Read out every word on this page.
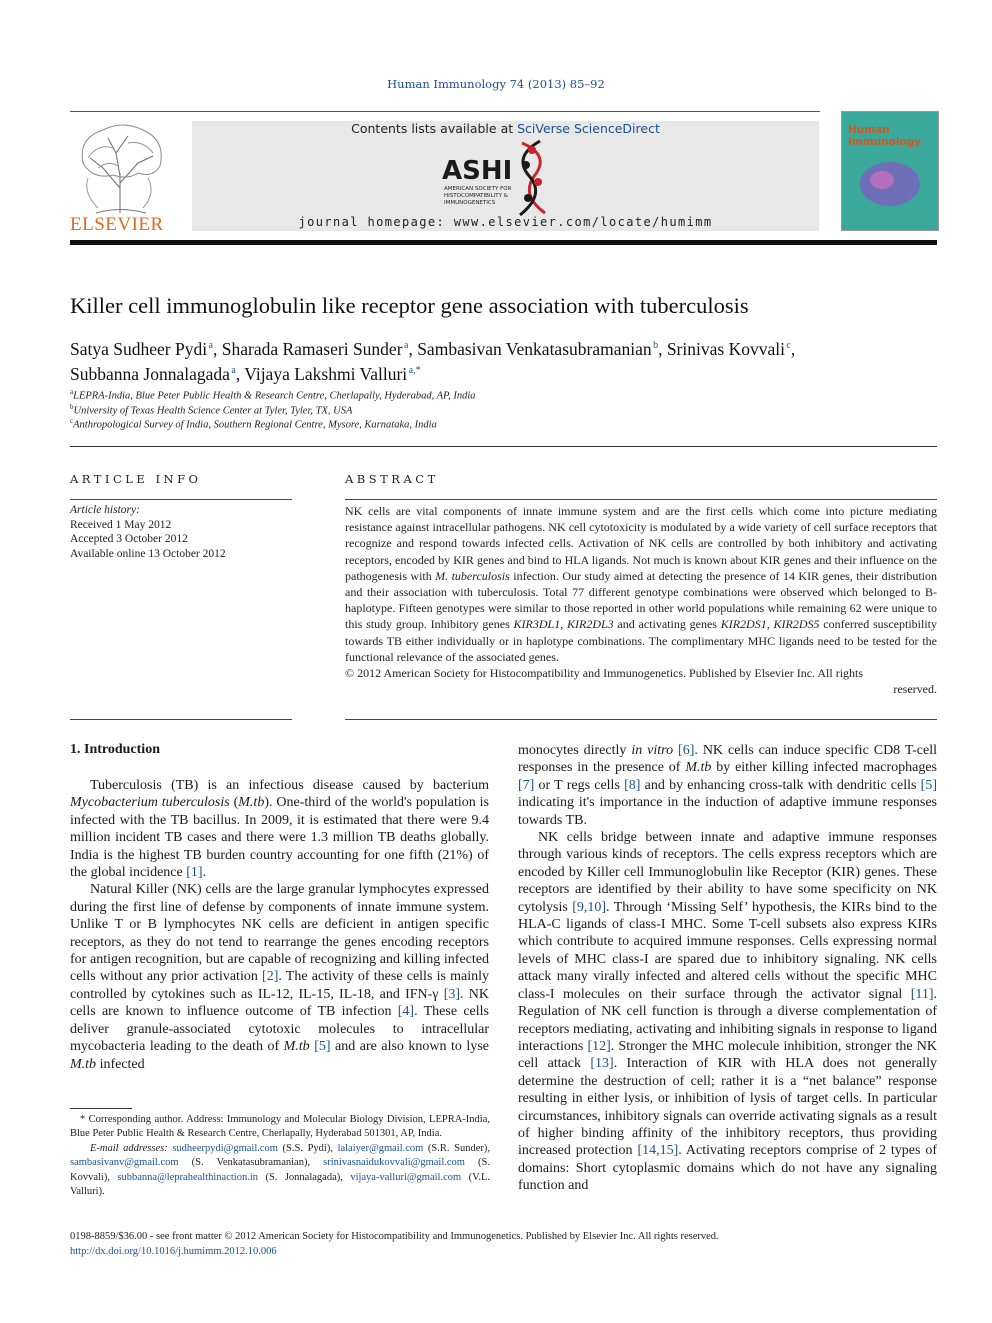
Human Immunology 74 (2013) 85–92
ELSEVIER
Contents lists available at SciVerse ScienceDirect
ASHI
AMERICAN SOCIETY FOR
HISTOCOMPATIBILITY &
IMMUNOGENETICS
journal homepage: www.elsevier.com/locate/humimm
Human Immunology
Killer cell immunoglobulin like receptor gene association with tuberculosis
Satya Sudheer Pydi $^a$, Sharada Ramaseri Sunder $^a$, Sambasivan Venkatasubramanian $^b$, Srinivas Kovvali $^c$,
Subbanna Jonnalagada $^a$, Vijaya Lakshmi Valluri $^{a,*}$
$^a$LEPRA-India, Blue Peter Public Health & Research Centre, Cherlapally, Hyderabad, AP, India
$^b$University of Texas Health Science Center at Tyler, Tyler, TX, USA
$^c$Anthropological Survey of India, Southern Regional Centre, Mysore, Karnataka, India
ARTICLE INFO
Article history:
Received 1 May 2012
Accepted 3 October 2012
Available online 13 October 2012
ABSTRACT
NK cells are vital components of innate immune system and are the first cells which come into picture mediating resistance against intracellular pathogens. NK cell cytotoxicity is modulated by a wide variety of cell surface receptors that recognize and respond towards infected cells. Activation of NK cells are controlled by both inhibitory and activating receptors, encoded by KIR genes and bind to HLA ligands. Not much is known about KIR genes and their influence on the pathogenesis with M. tuberculosis infection. Our study aimed at detecting the presence of 14 KIR genes, their distribution and their association with tuberculosis. Total 77 different genotype combinations were observed which belonged to B-haplotype. Fifteen genotypes were similar to those reported in other world populations while remaining 62 were unique to this study group. Inhibitory genes KIR3DL1, KIR2DL3 and activating genes KIR2DS1, KIR2DS5 conferred susceptibility towards TB either individually or in haplotype combinations. The complimentary MHC ligands need to be tested for the functional relevance of the associated genes.
© 2012 American Society for Histocompatibility and Immunogenetics. Published by Elsevier Inc. All rights
reserved.
1. Introduction

Tuberculosis (TB) is an infectious disease caused by bacterium Mycobacterium tuberculosis (M.tb). One-third of the world's population is infected with the TB bacillus. In 2009, it is estimated that there were 9.4 million incident TB cases and there were 1.3 million TB deaths globally. India is the highest TB burden country accounting for one fifth (21%) of the global incidence [1].

Natural Killer (NK) cells are the large granular lymphocytes expressed during the first line of defense by components of innate immune system. Unlike T or B lymphocytes NK cells are deficient in antigen specific receptors, as they do not tend to rearrange the genes encoding receptors for antigen recognition, but are capable of recognizing and killing infected cells without any prior activation [2]. The activity of these cells is mainly controlled by cytokines such as IL-12, IL-15, IL-18, and IFN-γ [3]. NK cells are known to influence outcome of TB infection [4]. These cells deliver granule-associated cytotoxic molecules to intracellular mycobacteria leading to the death of M.tb [5] and are also known to lyse M.tb infected

monocytes directly in vitro [6]. NK cells can induce specific CD8 T-cell responses in the presence of M.tb by either killing infected macrophages [7] or T regs cells [8] and by enhancing cross-talk with dendritic cells [5] indicating it's importance in the induction of adaptive immune responses towards TB.

NK cells bridge between innate and adaptive immune responses through various kinds of receptors. The cells express receptors which are encoded by Killer cell Immunoglobulin like Receptor (KIR) genes. These receptors are identified by their ability to have some specificity on NK cytolysis [9,10]. Through ‘Missing Self’ hypothesis, the KIRs bind to the HLA-C ligands of class-I MHC. Some T-cell subsets also express KIRs which contribute to acquired immune responses. Cells expressing normal levels of MHC class-I are spared due to inhibitory signaling. NK cells attack many virally infected and altered cells without the specific MHC class-I molecules on their surface through the activator signal [11]. Regulation of NK cell function is through a diverse complementation of receptors mediating, activating and inhibiting signals in response to ligand interactions [12]. Stronger the MHC molecule inhibition, stronger the NK cell attack [13]. Interaction of KIR with HLA does not generally determine the destruction of cell; rather it is a “net balance” response resulting in either lysis, or inhibition of lysis of target cells. In particular circumstances, inhibitory signals can override activating signals as a result of higher binding affinity of the inhibitory receptors, thus providing increased protection [14,15]. Activating receptors comprise of 2 types of domains: Short cytoplasmic domains which do not have any signaling function and

* Corresponding author. Address: Immunology and Molecular Biology Division, LEPRA-India, Blue Peter Public Health & Research Centre, Cherlapally, Hyderabad 501301, AP, India.
E-mail addresses: sudheerpydi@gmail.com (S.S. Pydi), lalaiyer@gmail.com (S.R. Sunder), sambasivanv@gmail.com (S. Venkatasubramanian), srinivasnaidukovvali@gmail.com (S. Kovvali), subbanna@leprahealthinaction.in (S. Jonnalagada), vijaya-valluri@gmail.com (V.L. Valluri).
0198-8859/$36.00 - see front matter © 2012 American Society for Histocompatibility and Immunogenetics. Published by Elsevier Inc. All rights reserved.
http://dx.doi.org/10.1016/j.humimm.2012.10.006
